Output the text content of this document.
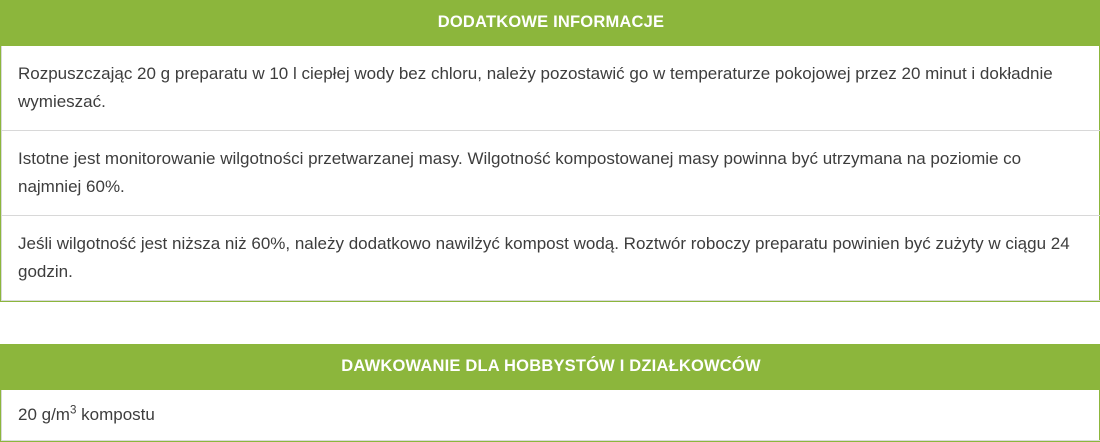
DODATKOWE INFORMACJE
Rozpuszczając 20 g preparatu w 10 l ciepłej wody bez chloru, należy pozostawić go w temperaturze pokojowej przez 20 minut i dokładnie wymieszać.
Istotne jest monitorowanie wilgotności przetwarzanej masy. Wilgotność kompostowanej masy powinna być utrzymana na poziomie co najmniej 60%.
Jeśli wilgotność jest niższa niż 60%, należy dodatkowo nawilżyć kompost wodą. Roztwór roboczy preparatu powinien być zużyty w ciągu 24 godzin.
DAWKOWANIE DLA HOBBYSTÓW I DZIAŁKOWCÓW
20 $g/m^3$ kompostu
